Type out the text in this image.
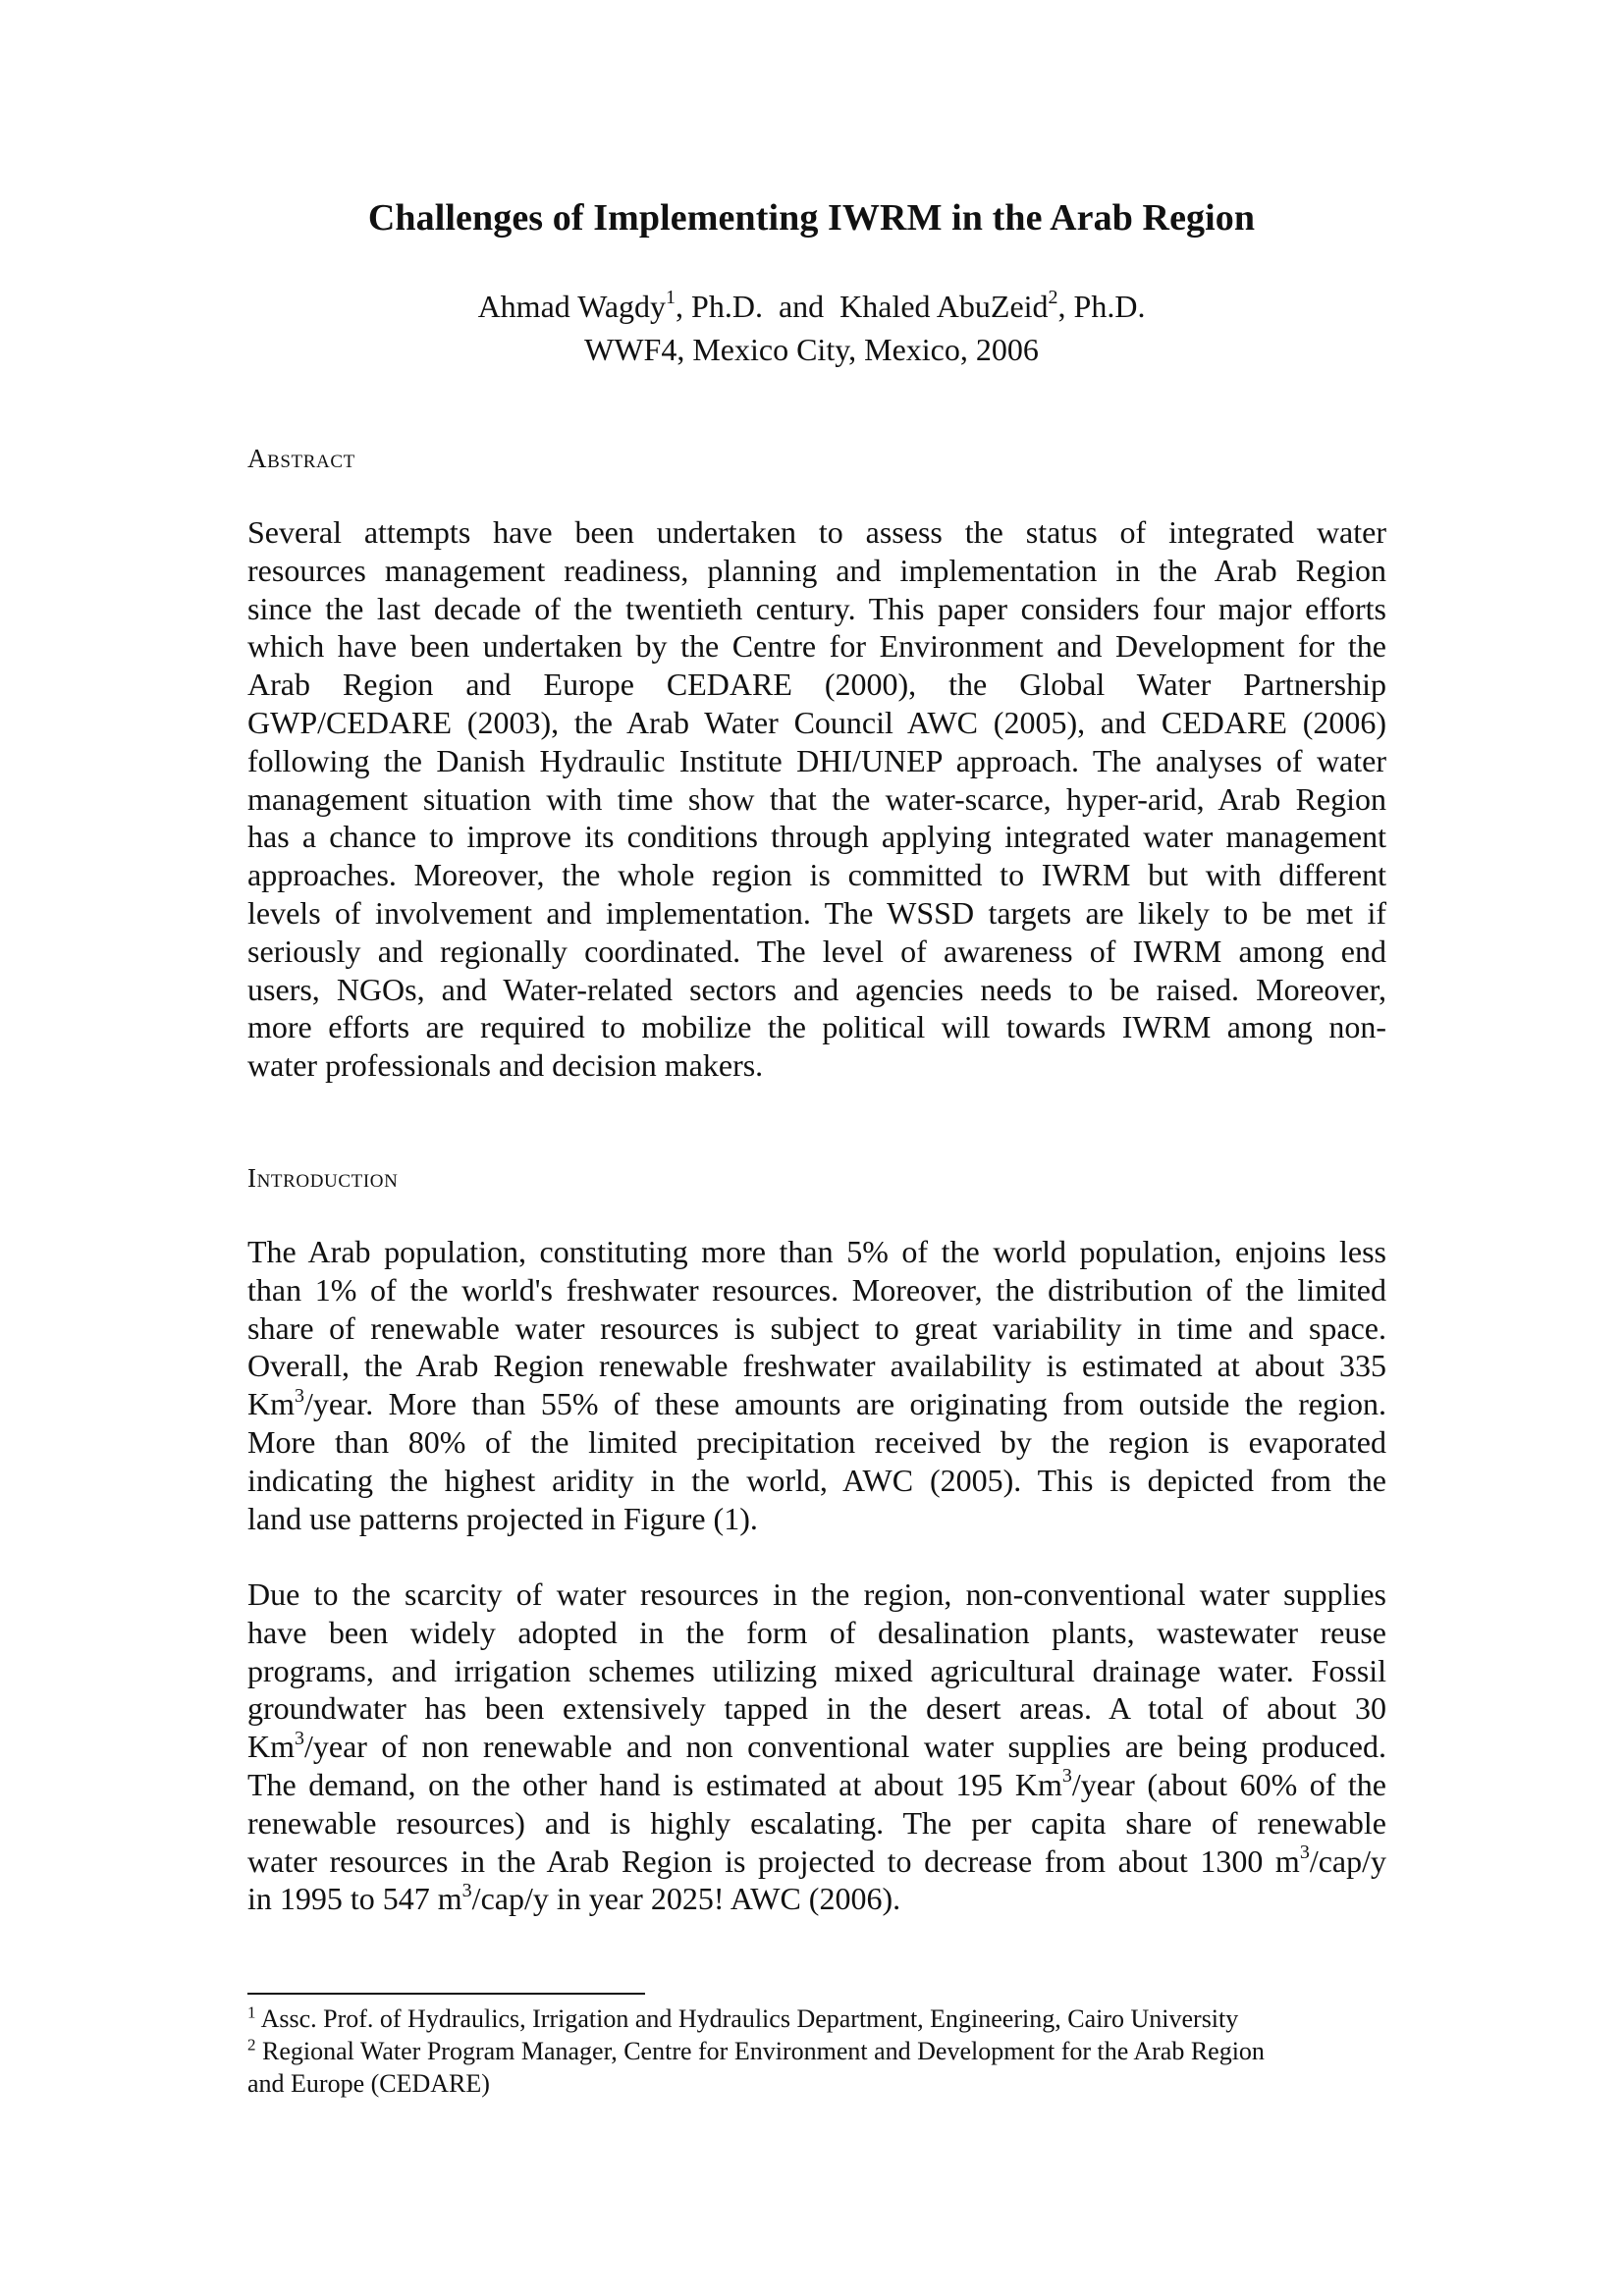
Challenges of Implementing IWRM in the Arab Region
Ahmad Wagdy$^1$, Ph.D. and Khaled AbuZeid$^2$, Ph.D.
WWF4, Mexico City, Mexico, 2006
Abstract
Several attempts have been undertaken to assess the status of integrated water
resources management readiness, planning and implementation in the Arab Region
since the last decade of the twentieth century. This paper considers four major efforts
which have been undertaken by the Centre for Environment and Development for the
Arab Region and Europe CEDARE (2000), the Global Water Partnership
GWP/CEDARE (2003), the Arab Water Council AWC (2005), and CEDARE (2006)
following the Danish Hydraulic Institute DHI/UNEP approach. The analyses of water
management situation with time show that the water-scarce, hyper-arid, Arab Region
has a chance to improve its conditions through applying integrated water management
approaches. Moreover, the whole region is committed to IWRM but with different
levels of involvement and implementation. The WSSD targets are likely to be met if
seriously and regionally coordinated. The level of awareness of IWRM among end
users, NGOs, and Water-related sectors and agencies needs to be raised. Moreover,
more efforts are required to mobilize the political will towards IWRM among non-
water professionals and decision makers.
Introduction
The Arab population, constituting more than 5% of the world population, enjoins less
than 1% of the world's freshwater resources. Moreover, the distribution of the limited
share of renewable water resources is subject to great variability in time and space.
Overall, the Arab Region renewable freshwater availability is estimated at about 335
Km$^3$/year. More than 55% of these amounts are originating from outside the region.
More than 80% of the limited precipitation received by the region is evaporated
indicating the highest aridity in the world, AWC (2005). This is depicted from the
land use patterns projected in Figure (1).
Due to the scarcity of water resources in the region, non-conventional water supplies
have been widely adopted in the form of desalination plants, wastewater reuse
programs, and irrigation schemes utilizing mixed agricultural drainage water. Fossil
groundwater has been extensively tapped in the desert areas. A total of about 30
Km$^3$/year of non renewable and non conventional water supplies are being produced.
The demand, on the other hand is estimated at about 195 Km$^3$/year (about 60% of the
renewable resources) and is highly escalating. The per capita share of renewable
water resources in the Arab Region is projected to decrease from about 1300 $m^3/cap/y$
in 1995 to 547 $m^3/cap/y$ in year 2025! AWC (2006).
$^1$ Assc. Prof. of Hydraulics, Irrigation and Hydraulics Department, Engineering, Cairo University
$^2$ Regional Water Program Manager, Centre for Environment and Development for the Arab Region
and Europe (CEDARE)
